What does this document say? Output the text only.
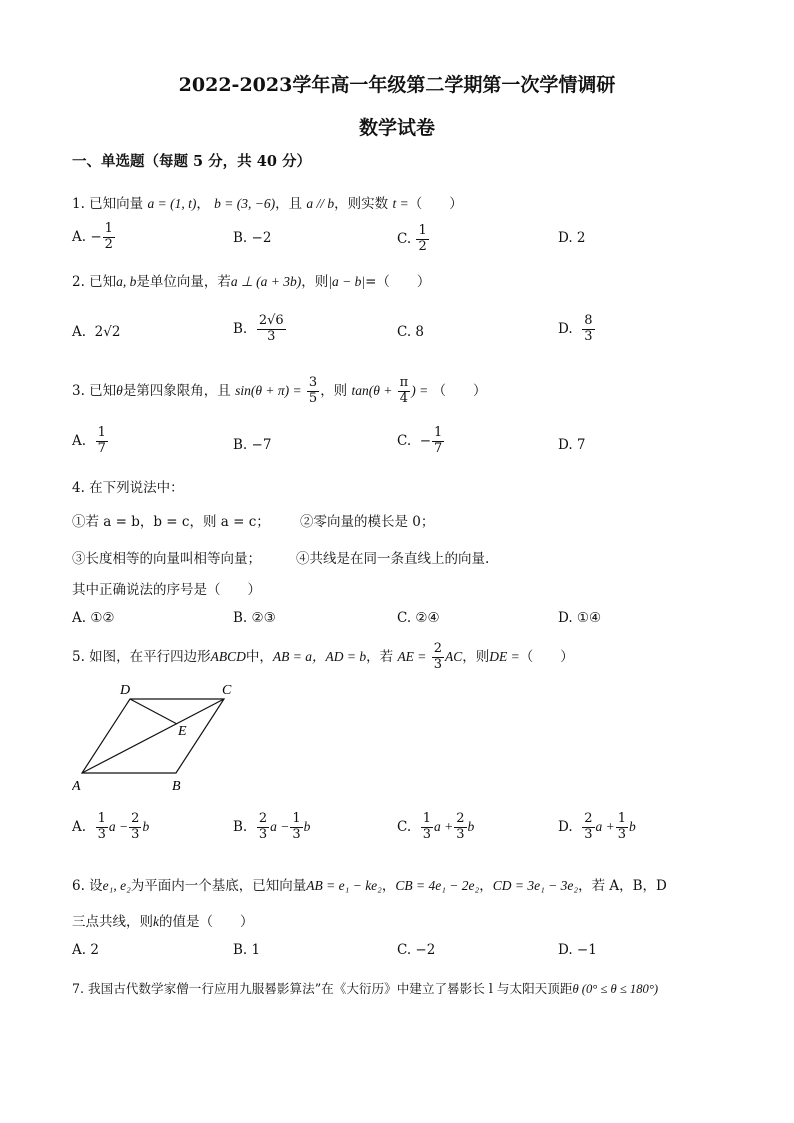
2022-2023学年高一年级第二学期第一次学情调研
数学试卷
一、单选题（每题 5 分，共 40 分）
1. 已知向量 a = (1, t)， b = (3, −6)，且 a // b，则实数 t =（　　）
A. − $\frac{1}{2}$	B. −2	C. $\frac{1}{2}$	D. 2
2. 已知a, b是单位向量，若a ⊥ (a + 3b)，则|a − b|=（　　）
A. 2√2	B. $\frac{2√6}{3}$	C. 8	D. $\frac{8}{3}$
3. 已知θ是第四象限角，且 $\sin(\theta + \pi) = \frac{3}{5}$ ，则 $\tan(\theta + \frac{\pi}{4}$ ) = （　　）
A. $\frac{1}{7}$	B. −7	C. − $\frac{1}{7}$	D. 7
4. 在下列说法中：
①若 a = b，b = c，则 a = c； ②零向量的模长是 0；
③长度相等的向量叫相等向量；	④共线是在同一条直线上的向量.
其中正确说法的序号是（　　）
A. ①②	B. ②③	C. ②④	D. ①④
5. 如图，在平行四边形ABCD中，AB = a，AD = b，若 AE = $\frac{2}{3}$ AC，则DE =（　　）
A	B
C
D
E
A. $\frac{1}{3}$ $a - \frac{2}{3}$ b	B. $\frac{2}{3}$ $a - \frac{1}{3}$ b	C. $\frac{1}{3}$ $a + \frac{2}{3}$ b	D. $\frac{2}{3}$ $a + \frac{1}{3}$ b
6. 设e₁, e₂为平面内一个基底，已知向量AB = e₁ − ke₂，CB = 4e₁ − 2e₂，CD = 3e₁ − 3e₂，若 A，B，D
三点共线，则k的值是（　　）
A. 2	B. 1	C. −2	D. −1
7. 我国古代数学家僧一行应用九服晷影算法”在《大衍历》中建立了晷影长 l 与太阳天顶距θ (0° ≤ θ ≤ 180°)
